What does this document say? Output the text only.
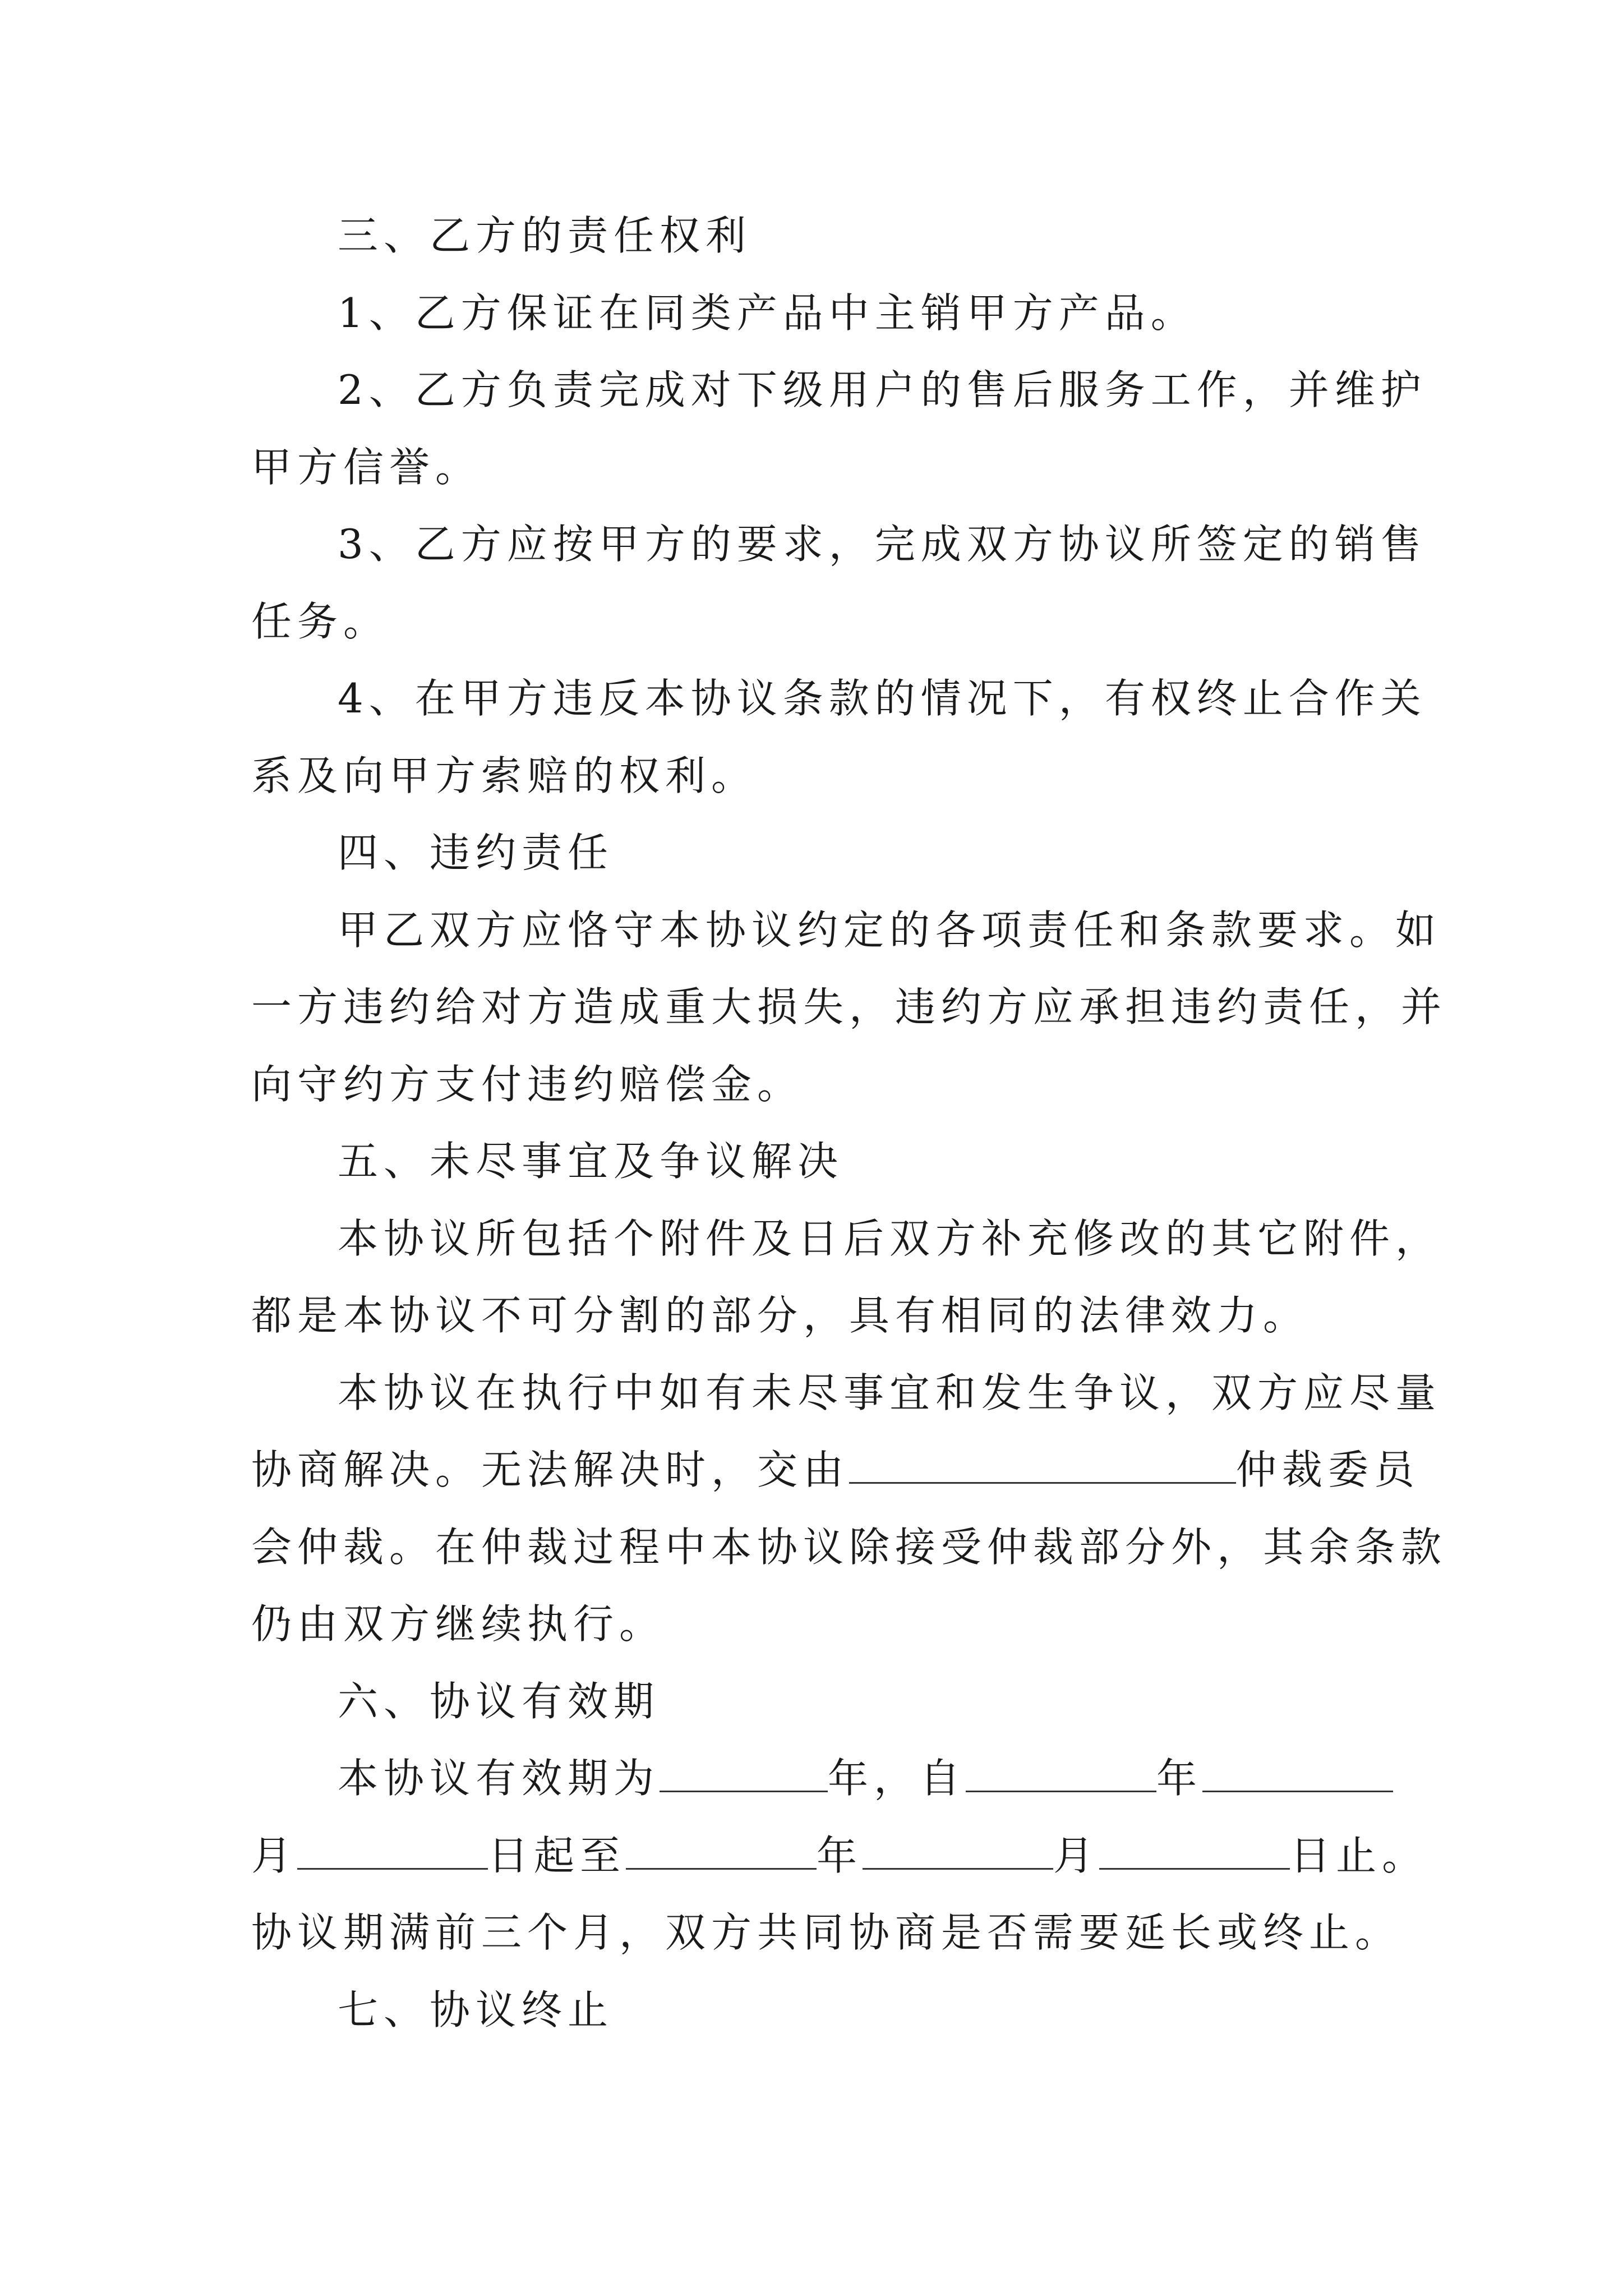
三、乙方的责任权利
1、乙方保证在同类产品中主销甲方产品。
2、乙方负责完成对下级用户的售后服务工作，并维护
甲方信誉。
3、乙方应按甲方的要求，完成双方协议所签定的销售
任务。
4、在甲方违反本协议条款的情况下，有权终止合作关
系及向甲方索赔的权利。
四、违约责任
甲乙双方应恪守本协议约定的各项责任和条款要求。如
一方违约给对方造成重大损失，违约方应承担违约责任，并
向守约方支付违约赔偿金。
五、未尽事宜及争议解决
本协议所包括个附件及日后双方补充修改的其它附件，
都是本协议不可分割的部分，具有相同的法律效力。
本协议在执行中如有未尽事宜和发生争议，双方应尽量
协商解决。无法解决时，交由	仲裁委员
会仲裁。在仲裁过程中本协议除接受仲裁部分外，其余条款
仍由双方继续执行。
六、协议有效期
本协议有效期为	年，自	年
月	日起至	年	月	日止。
协议期满前三个月，双方共同协商是否需要延长或终止。
七、协议终止
